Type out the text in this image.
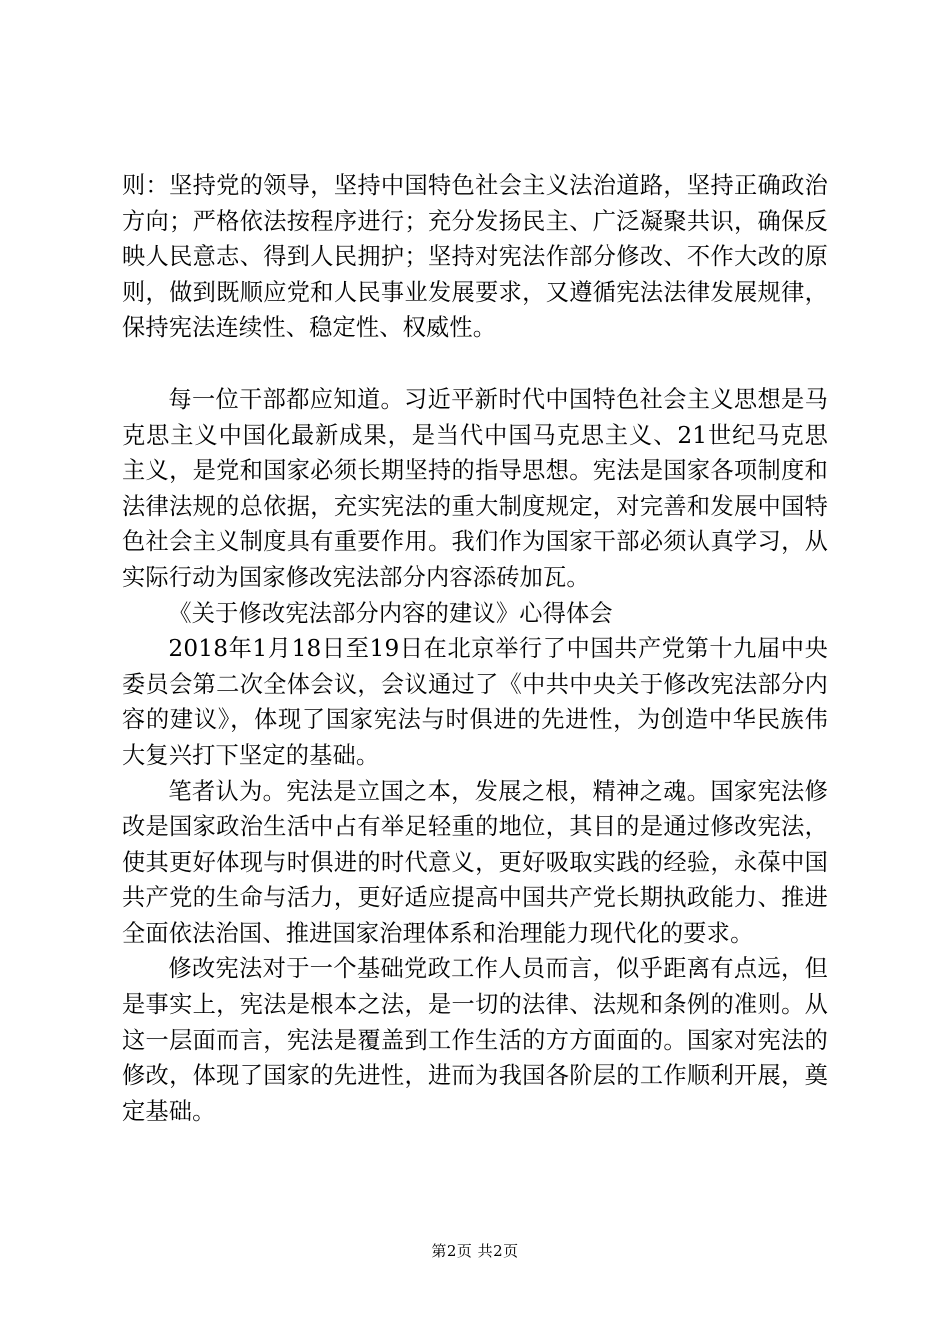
则：坚持党的领导，坚持中国特色社会主义法治道路，坚持正确政治方向；严格依法按程序进行；充分发扬民主、广泛凝聚共识，确保反映人民意志、得到人民拥护；坚持对宪法作部分修改、不作大改的原则，做到既顺应党和人民事业发展要求，又遵循宪法法律发展规律，保持宪法连续性、稳定性、权威性。

每一位干部都应知道。习近平新时代中国特色社会主义思想是马克思主义中国化最新成果，是当代中国马克思主义、21世纪马克思主义，是党和国家必须长期坚持的指导思想。宪法是国家各项制度和法律法规的总依据，充实宪法的重大制度规定，对完善和发展中国特色社会主义制度具有重要作用。我们作为国家干部必须认真学习，从实际行动为国家修改宪法部分内容添砖加瓦。

《关于修改宪法部分内容的建议》心得体会

2018年1月18日至19日在北京举行了中国共产党第十九届中央委员会第二次全体会议，会议通过了《中共中央关于修改宪法部分内容的建议》，体现了国家宪法与时俱进的先进性，为创造中华民族伟大复兴打下坚定的基础。

笔者认为。宪法是立国之本，发展之根，精神之魂。国家宪法修改是国家政治生活中占有举足轻重的地位，其目的是通过修改宪法，使其更好体现与时俱进的时代意义，更好吸取实践的经验，永葆中国共产党的生命与活力，更好适应提高中国共产党长期执政能力、推进全面依法治国、推进国家治理体系和治理能力现代化的要求。

修改宪法对于一个基础党政工作人员而言，似乎距离有点远，但是事实上，宪法是根本之法，是一切的法律、法规和条例的准则。从这一层面而言，宪法是覆盖到工作生活的方方面面的。国家对宪法的修改，体现了国家的先进性，进而为我国各阶层的工作顺利开展，奠定基础。

第2页 共2页
